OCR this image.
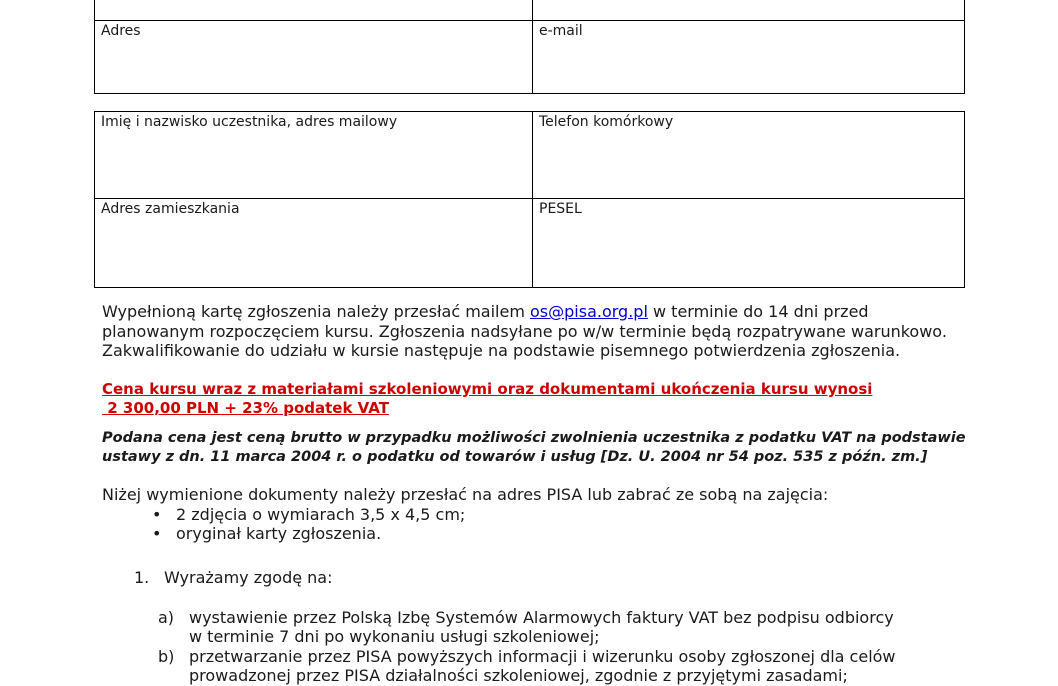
Adres	e-mail
Imię i nazwisko uczestnika, adres mailowy	Telefon komórkowy
Adres zamieszkania	PESEL
Wypełnioną kartę zgłoszenia należy przesłać mailem os@pisa.org.pl w terminie do 14 dni przed
planowanym rozpoczęciem kursu. Zgłoszenia nadsyłane po w/w terminie będą rozpatrywane warunkowo.
Zakwalifikowanie do udziału w kursie następuje na podstawie pisemnego potwierdzenia zgłoszenia.
Cena kursu wraz z materiałami szkoleniowymi oraz dokumentami ukończenia kursu wynosi
2 300,00 PLN + 23% podatek VAT
Podana cena jest ceną brutto w przypadku możliwości zwolnienia uczestnika z podatku VAT na podstawie
ustawy z dn. 11 marca 2004 r. o podatku od towarów i usług [Dz. U. 2004 nr 54 poz. 535 z późn. zm.]
Niżej wymienione dokumenty należy przesłać na adres PISA lub zabrać ze sobą na zajęcia:
• 2 zdjęcia o wymiarach 3,5 x 4,5 cm;
• oryginał karty zgłoszenia.
1. Wyrażamy zgodę na:
a) wystawienie przez Polską Izbę Systemów Alarmowych faktury VAT bez podpisu odbiorcy
w terminie 7 dni po wykonaniu usługi szkoleniowej;
b) przetwarzanie przez PISA powyższych informacji i wizerunku osoby zgłoszonej dla celów
prowadzonej przez PISA działalności szkoleniowej, zgodnie z przyjętymi zasadami;
